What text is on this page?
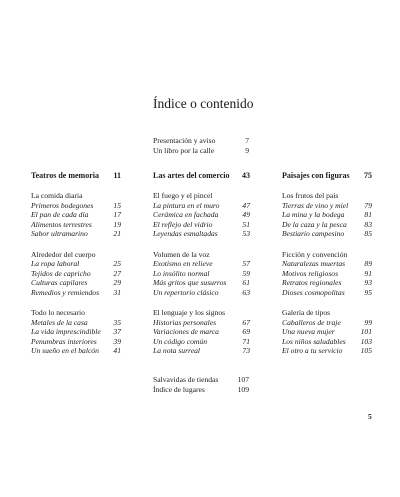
Índice o contenido
Presentación y aviso	7
Un libro por la calle	9
Teatros de memoria	11
La comida diaria
Primeros bodegones	15
El pan de cada día	17
Alimentos terrestres	19
Sabor ultramarino	21
Alrededor del cuerpo
La ropa laboral	25
Tejidos de capricho	27
Culturas capilares	29
Remedios y remiendos	31
Todo lo necesario
Metales de la casa	35
La vida imprescindible	37
Penumbras interiores	39
Un sueño en el balcón	41
Las artes del comercio	43
El fuego y el pincel
La pintura en el muro	47
Cerámica en fachada	49
El reflejo del vidrio	51
Leyendas esmaltadas	53
Volumen de la voz
Exotismo en relieve	57
Lo insólito normal	59
Más gritos que susurros	61
Un repertorio clásico	63
El lenguaje y los signos
Historias personales	67
Variaciones de marca	69
Un código común	71
La nota surreal	73
Paisajes con figuras	75
Los frutos del país
Tierras de vino y miel	79
La mina y la bodega	81
De la caza y la pesca	83
Bestiario campesino	85
Ficción y convención
Naturalezas muertas	89
Motivos religiosos	91
Retratos regionales	93
Dioses cosmopolitas	95
Galería de tipos
Caballeros de traje	99
Una nueva mujer	101
Los niños saludables	103
El otro a tu servicio	105
Salvavidas de tiendas	107
Índice de lugares	109
5
